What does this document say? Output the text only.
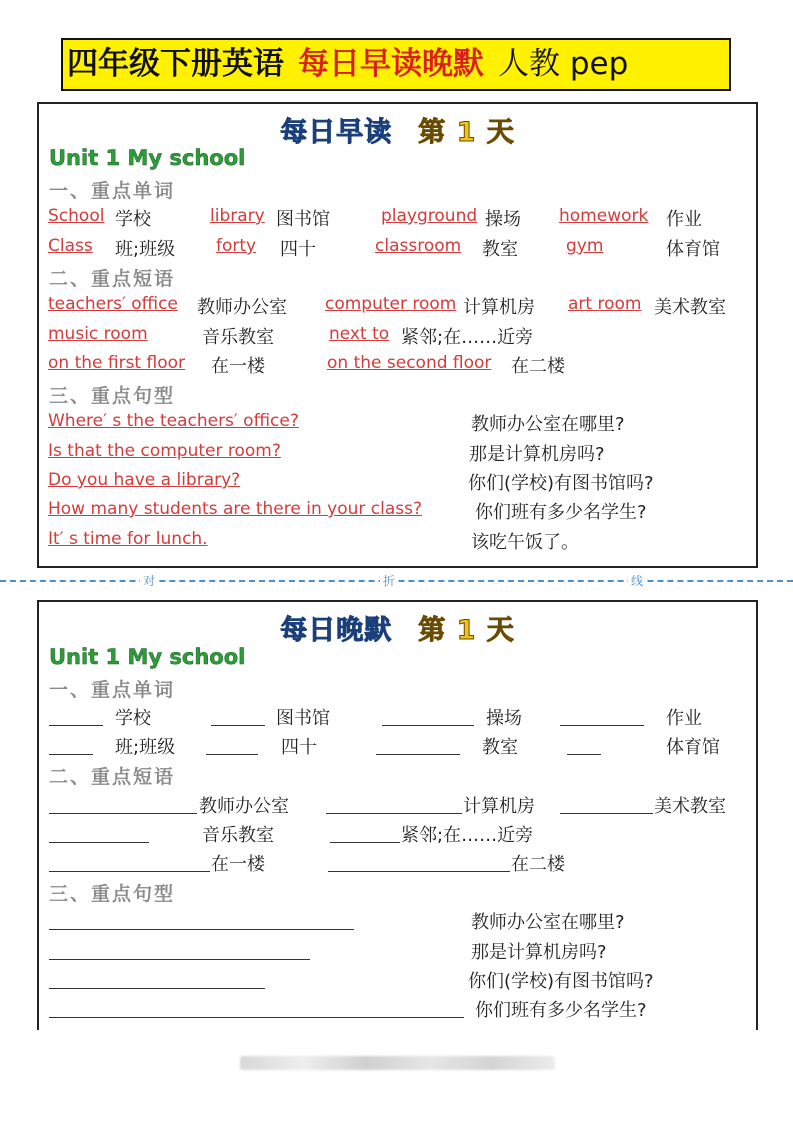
四年级下册英语 每日早读晚默 人教 pep
每日早读 第 1 天
Unit 1 My school
一、重点单词
School 学校	library 图书馆	playground 操场 homework 作业
Class 班;班级 forty 四十	classroom 教室	gym	体育馆
二、重点短语
teachers′ office 教师办公室 computer room 计算机房 art room 美术教室
music room	音乐教室	next to 紧邻;在……近旁
on the first floor 在一楼	on the second floor 在二楼
三、重点句型
Where′ s the teachers′ office?	教师办公室在哪里?
Is that the computer room?	那是计算机房吗?
Do you have a library?	你们(学校)有图书馆吗?
How many students are there in your class?	你们班有多少名学生?
It′ s time for lunch.	该吃午饭了。
对	折	线
每日晚默 第 1 天
Unit 1 My school
一、重点单词
学校	图书馆	操场	作业
班;班级	四十	教室	体育馆
二、重点短语
教师办公室	计算机房	美术教室
音乐教室	紧邻;在……近旁
在一楼	在二楼
三、重点句型
教师办公室在哪里?
那是计算机房吗?
你们(学校)有图书馆吗?
你们班有多少名学生?
